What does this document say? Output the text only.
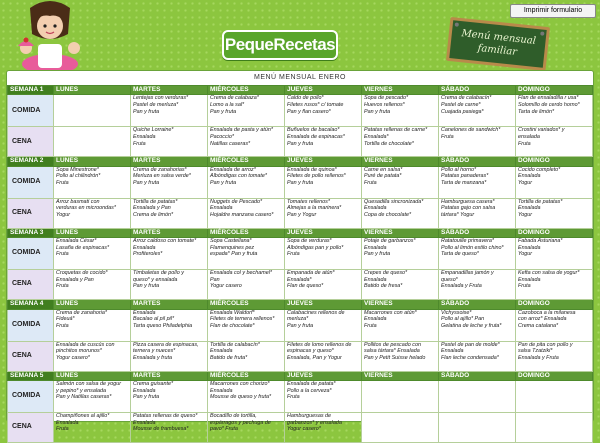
Imprimir formulario
PequeRecetas	Menú mensual
familiar
MENÚ MENSUAL ENERO
SEMANA 1	LUNES	MARTES	MIÉRCOLES	JUEVES	VIERNES	SÁBADO	DOMINGO
COMIDA		Lentejas con verduras*
Pastel de merluza*
Pan y fruta	Crema de calabaza*
Lomo a la sal*
Pan y fruta	Caldo de pollo*
Filetes rusos* c/ tomate
Pan y flan casero*	Sopa de pescado*
Huevos rellenos*
Pan y fruta	Crema de calabacín*
Pastel de carne*
Cuajada pasiega*	Flan de ensaladilla r usa*
Solomillo de cerdo horno*
Tarta de limón*

CENA		Quiche Lorraine*
Ensalada
Fruta	Ensalada de pasta y atún*
Pacoccio*
Natillas caseras*	Buñuelos de bacalao*
Ensalada de espinacas*
Pan y fruta	Patatas rellenas de carne*
Ensalada*
Tortilla de chocolate*	Canelones de sandwich*
Fruta	Crostini variados* y
ensalada
Fruta

SEMANA 2	LUNES	MARTES	MIÉRCOLES	JUEVES	VIERNES	SÁBADO	DOMINGO
COMIDA	Sopa Minestrone*
Pollo al chilindrón*
Fruta	Crema de zanahorias*
Merluza en salsa verde*
Pan y fruta	Ensalada de arroz*
Albóndigas con tomate*
Pan y fruta	Ensalada de quinoa*
Filetes de pollo rellenos*
Pan y fruta	Carne en salsa*
Puré de patata*
Fruta	Pollo al horno*
Patatas panaderas*
Tarta de manzana*	Cocido completo*
Ensalada
Yogur

CENA	Arroz basmati con
verduras en microondas*
Yogur	Tortilla de patatas*
Ensalada y Pan
Crema de limón*	Nuggets de Pescado*
Ensalada
Hojaldre manzana casero*	Tomates rellenos*
Almejas a la marinera*
Pan y Yogur	Quesadilla sincronizada*
Ensalada
Copa de chocolate*	Hamburguesa casera*
Patatas gajo con salsa
tártara* Yogur	Tortilla de patatas*
Ensalada
Yogur

SEMANA 3	LUNES	MARTES	MIÉRCOLES	JUEVES	VIERNES	SÁBADO	DOMINGO
COMIDA	Ensalada César*
Lasaña de espinacas*
Fruta	Arroz caldoso con tomate*
Ensalada
Profiteroles*	Sopa Castellana*
Flamenquines pez
espada* Pan y fruta	Sopa de verduras*
Albóndigas pan y pollo*
Fruta	Potaje de garbanzos*
Ensalada
Pan y fruta	Ratatouille primavera*
Pollo al limón estilo chino*
Tarta de queso*	Fabada Asturiana*
Ensalada
Yogur

CENA	Croquetas de cocido*
Ensalada y Pan
Fruta	Timbaletas de pollo y
queso* y ensalada
Pan y fruta	Ensalada col y bechamel*
Pan
Yogur casero	Empanada de atún*
Ensalada*
Flan de queso*	Crepes de queso*
Ensalada
Batido de fresa*	Empanadillas jamón y
queso*
Ensalada y Fruta	Kefta con salsa de yogur*
Ensalada
Fruta

SEMANA 4	LUNES	MARTES	MIÉRCOLES	JUEVES	VIERNES	SÁBADO	DOMINGO
COMIDA	Crema de zanahoria*
Fideuá*
Fruta	Ensalada
Bacalao al pil pil*
Tarta queso Philadelphia	Ensalada Waldorf*
Filetes de ternera rellenos*
Flan de chocolate*	Calabacines rellenos de
merluza*
Pan y fruta	Macarrones con atún*
Ensalada
Fruta	Vichyssoise*
Pollo al ajillo* Pan
Gelatina de leche y fruta*	Cazoboca a la milanesa
con arroz* Ensalada
Crema catalana*

CENA	Ensalada de cuscús con
pinchitos morunos*
Yogur casero*	Pizza casera de espinacas,
ternera y nueces*
Ensalada y fruta	Tortilla de calabacín*
Ensalada
Batido de fruta*	Filetes de lomo rellenos de
espinacas y queso*
Ensalada, Pan y Yogur	Pollitos de pescado con
salsa tártara* Ensalada
Pan y Petit Suisse helado	Pastel de pan de molde*
Ensalada
Flan leche condensada*	Pan de pita con pollo y
salsa Tzatziki*
Ensalada y Fruta

SEMANA 5	LUNES	MARTES	MIÉRCOLES	JUEVES	VIERNES	SÁBADO	DOMINGO
COMIDA	Salmón con salsa de yogur
y pepino* y ensalada
Pan y Natillas caseras*	Crema guisante*
Ensalada
Pan y fruta	Macarrones con chorizo*
Ensalada
Mousse de queso y fruta*	Ensalada de patata*
Pollo a la cerveza*
Fruta			

CENA	Champiñones al ajillo*
Ensalada
Fruta	Patatas rellenas de queso*
Ensalada
Mousse de frambuesa*	Bocadillo de tortilla,
espárragos y pechuga de
pavo* Fruta	Hamburguesas de
garbanzos* y ensalada
Yogur casero*			
